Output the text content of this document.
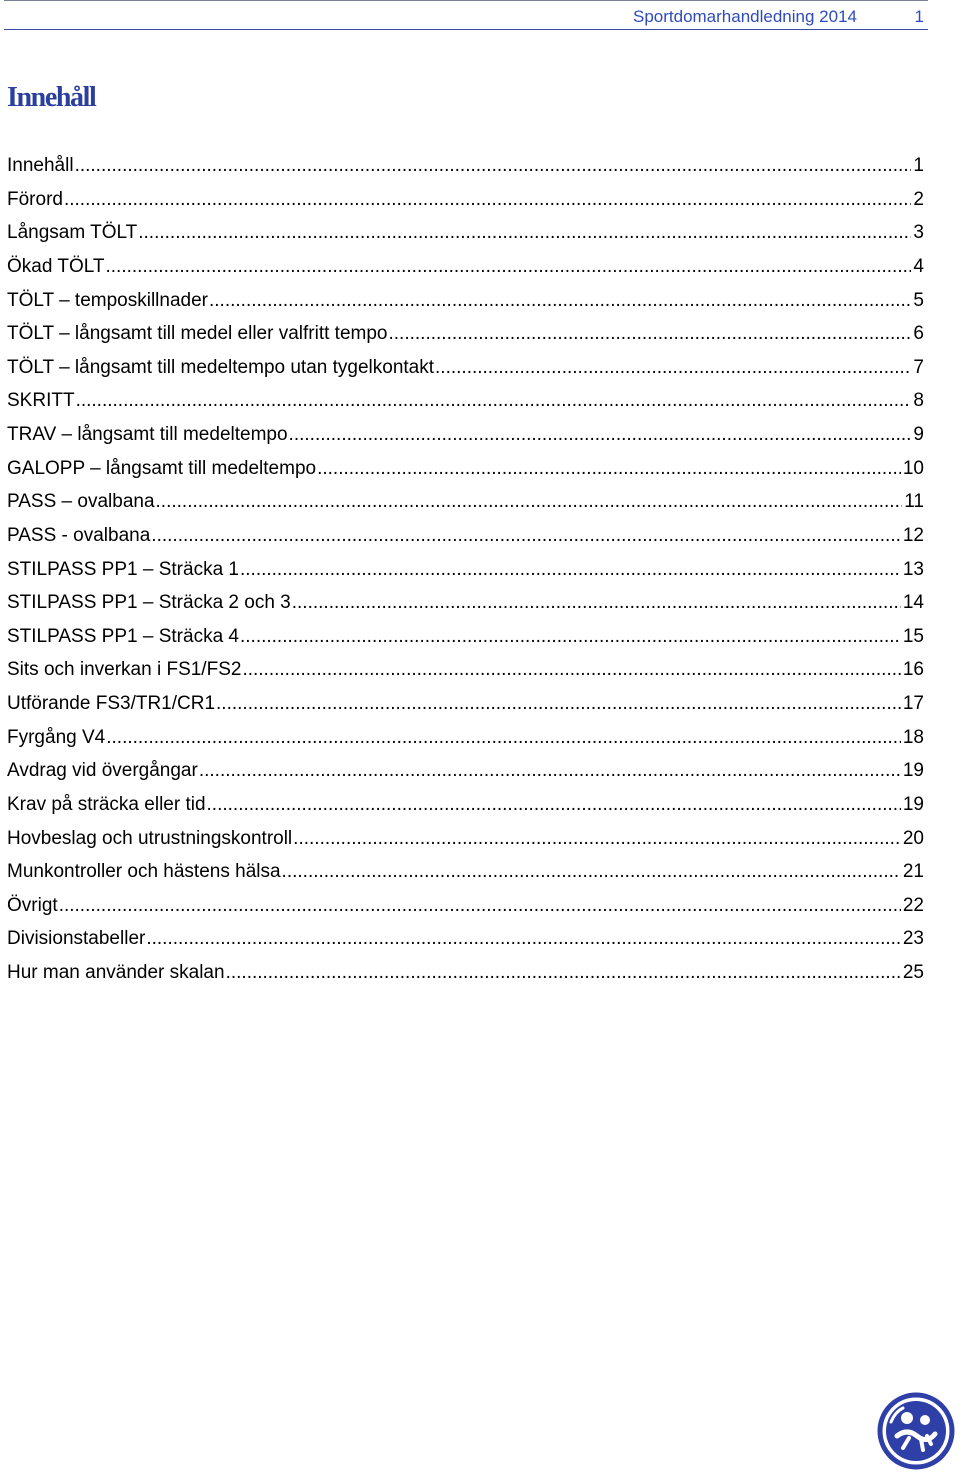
Sportdomarhandledning 2014	1
Innehåll
Innehåll .....	1
Förord .....	2
Långsam TÖLT .....	3
Ökad TÖLT .....	4
TÖLT – temposkillnader .....	5
TÖLT – långsamt till medel eller valfritt tempo .....	6
TÖLT – långsamt till medeltempo utan tygelkontakt .....	7
SKRITT .....	8
TRAV – långsamt till medeltempo .....	9
GALOPP – långsamt till medeltempo .....	10
PASS – ovalbana .....	11
PASS - ovalbana .....	12
STILPASS PP1 – Sträcka 1 .....	13
STILPASS PP1 – Sträcka 2 och 3 .....	14
STILPASS PP1 – Sträcka 4 .....	15
Sits och inverkan i FS1/FS2 .....	16
Utförande FS3/TR1/CR1 .....	17
Fyrgång V4 .....	18
Avdrag vid övergångar .....	19
Krav på sträcka eller tid .....	19
Hovbeslag och utrustningskontroll .....	20
Munkontroller och hästens hälsa .....	21
Övrigt .....	22
Divisionstabeller .....	23
Hur man använder skalan .....	25
